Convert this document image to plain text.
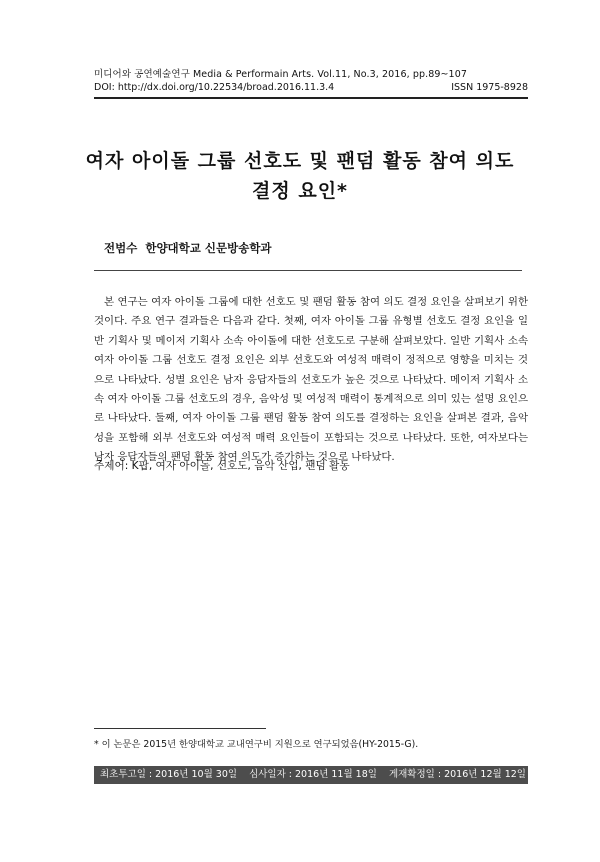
미디어와 공연예술연구 Media & Performain Arts. Vol.11, No.3, 2016, pp.89~107
DOI: http://dx.doi.org/10.22534/broad.2016.11.3.4	ISSN 1975-8928
여자 아이돌 그룹 선호도 및 팬덤 활동 참여 의도
결정 요인*
전범수 한양대학교 신문방송학과

본 연구는 여자 아이돌 그룹에 대한 선호도 및 팬덤 활동 참여 의도 결정 요인을 살펴보기 위한 것이다. 주요 연구 결과들은 다음과 같다. 첫째, 여자 아이돌 그룹 유형별 선호도 결정 요인을 일반 기획사 및 메이저 기획사 소속 아이돌에 대한 선호도로 구분해 살펴보았다. 일반 기획사 소속 여자 아이돌 그룹 선호도 결정 요인은 외부 선호도와 여성적 매력이 정적으로 영향을 미치는 것으로 나타났다. 성별 요인은 남자 응답자들의 선호도가 높은 것으로 나타났다. 메이저 기획사 소속 여자 아이돌 그룹 선호도의 경우, 음악성 및 여성적 매력이 통계적으로 의미 있는 설명 요인으로 나타났다. 둘째, 여자 아이돌 그룹 팬덤 활동 참여 의도를 결정하는 요인을 살펴본 결과, 음악성을 포함해 외부 선호도와 여성적 매력 요인들이 포함되는 것으로 나타났다. 또한, 여자보다는 남자 응답자들의 팬덤 활동 참여 의도가 증가하는 것으로 나타났다.

주제어: K팝, 여자 아이돌, 선호도, 음악 산업, 팬덤 활동
* 이 논문은 2015년 한양대학교 교내연구비 지원으로 연구되었음(HY-2015-G).
최초투고일 : 2016년 10월 30일	심사일자 : 2016년 11월 18일	게재확정일 : 2016년 12월 12일
